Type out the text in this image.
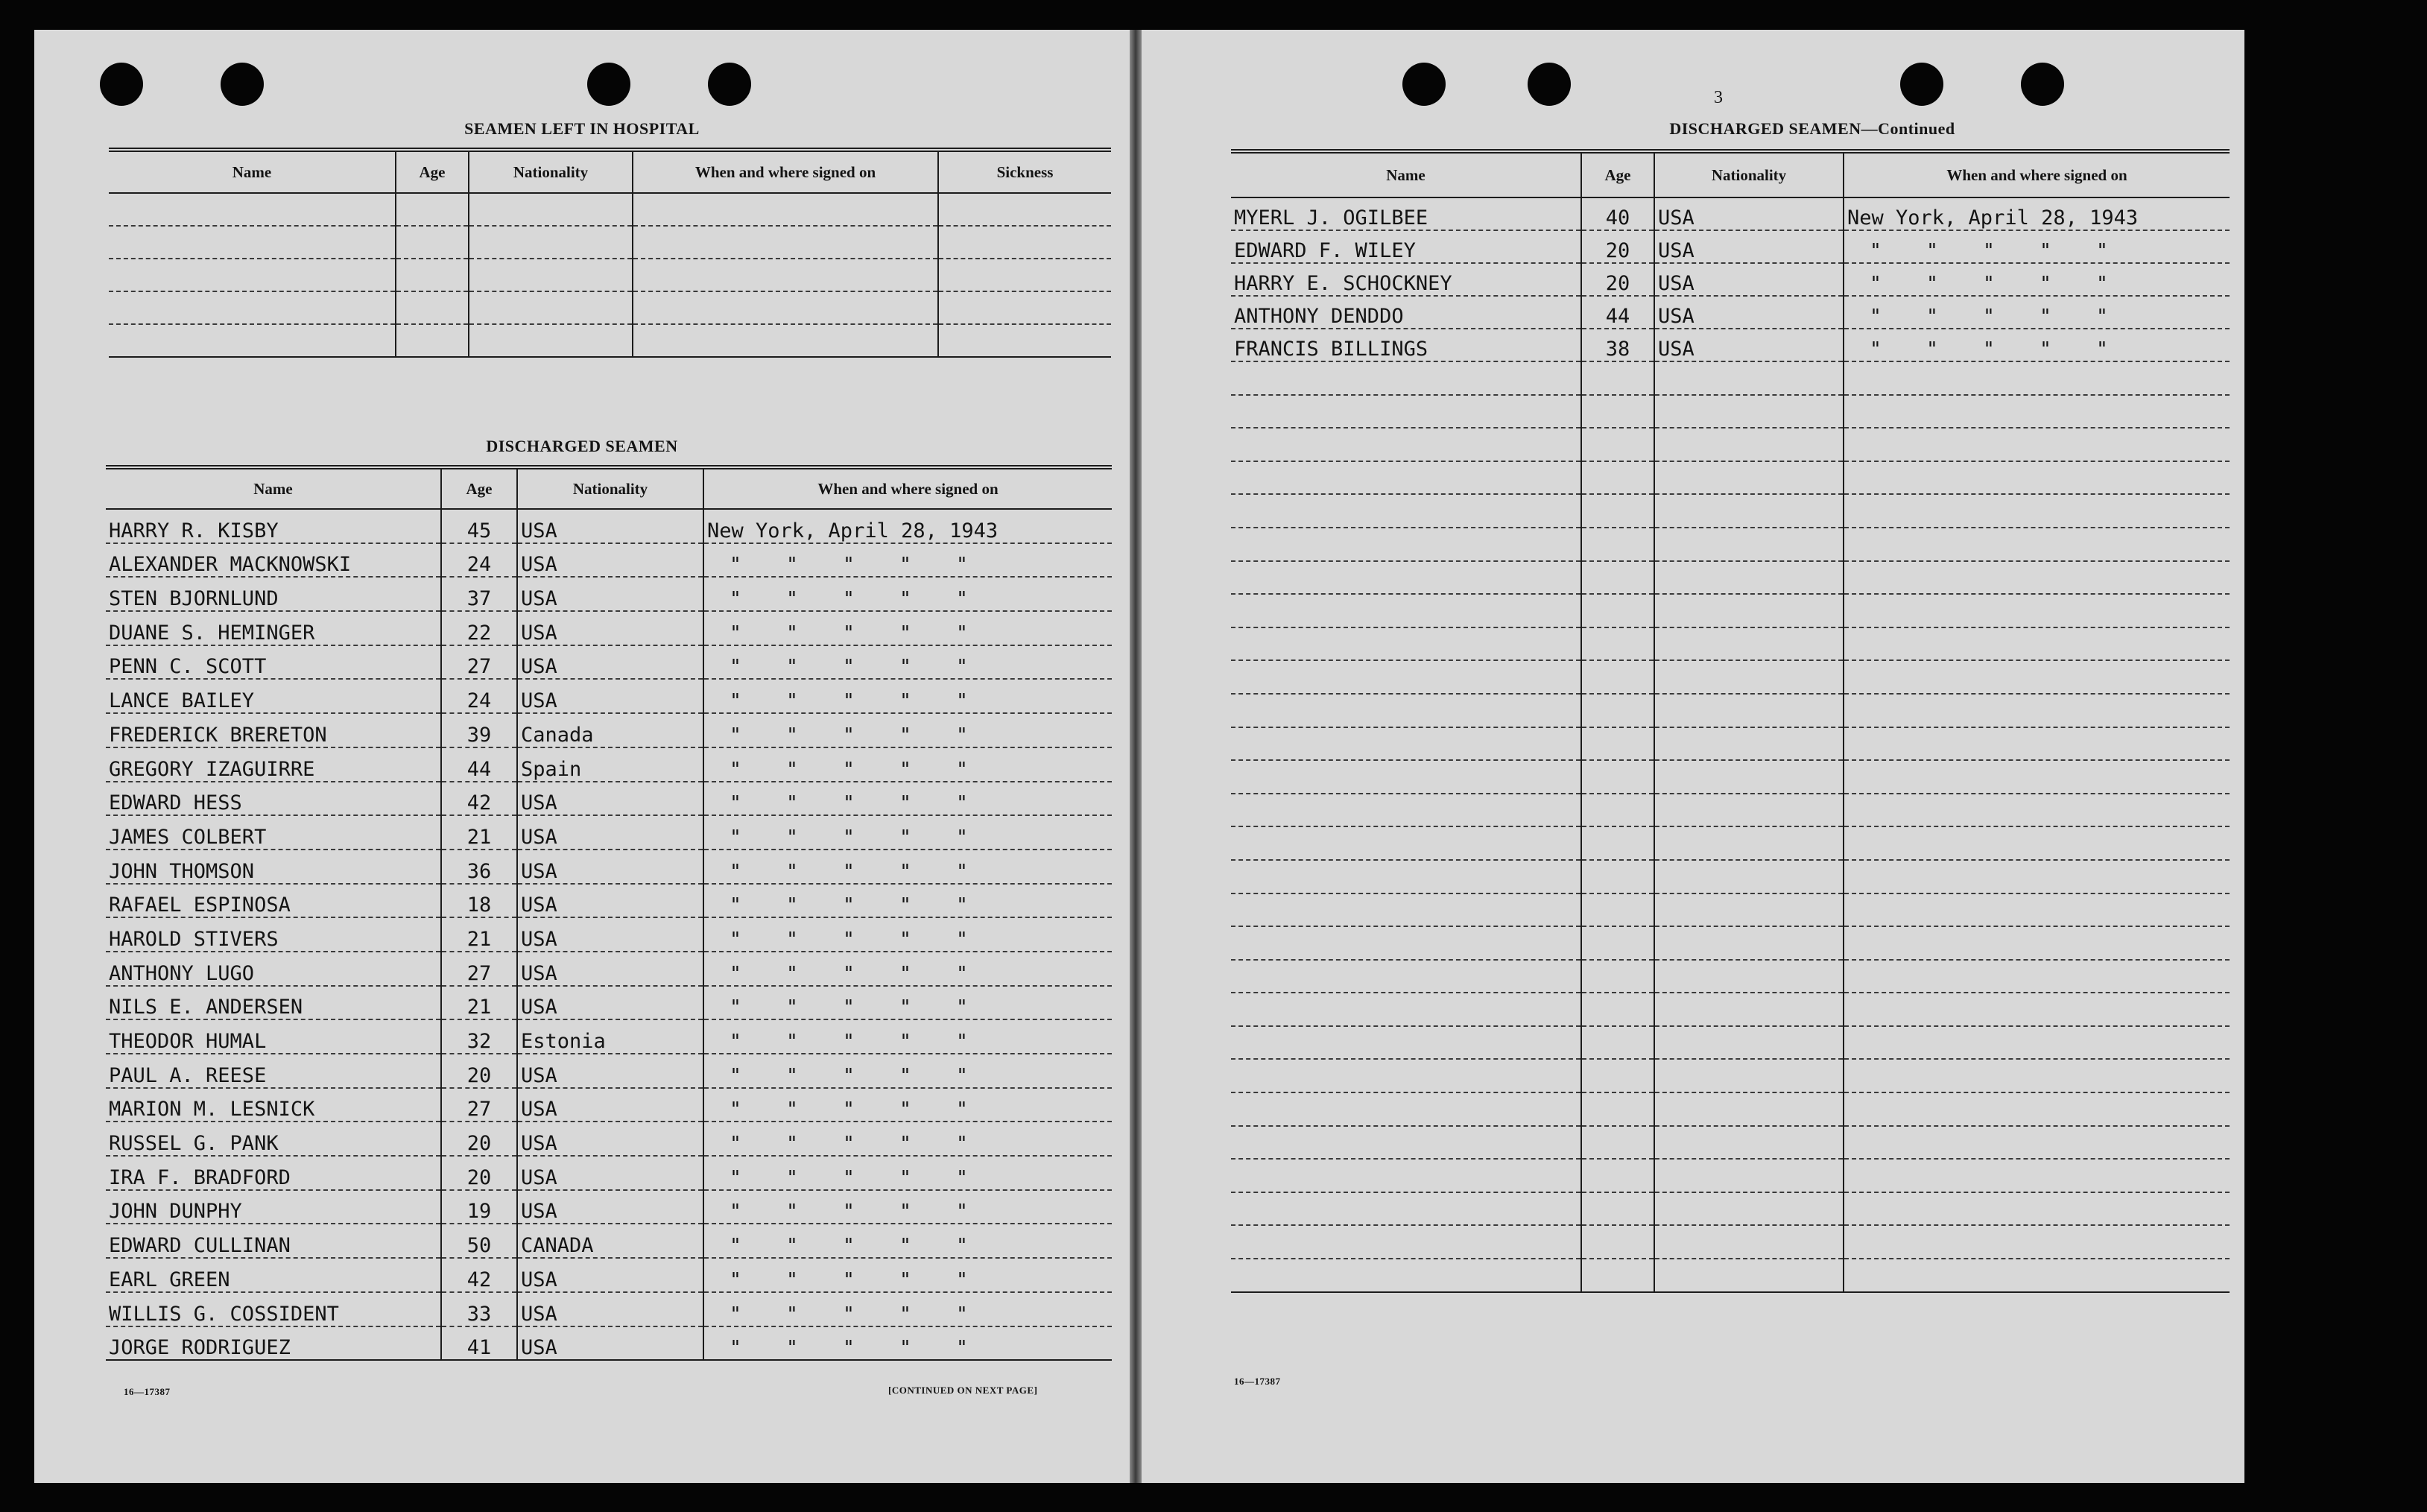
SEAMEN LEFT IN HOSPITAL
Name	Age	Nationality	When and where signed on	Sickness

DISCHARGED SEAMEN
Name	Age	Nationality	When and where signed on
HARRY R. KISBY	45	USA	New York, April 28, 1943
ALEXANDER MACKNOWSKI	24	USA	" " " " "
STEN BJORNLUND	37	USA	" " " " "
DUANE S. HEMINGER	22	USA	" " " " "
PENN C. SCOTT	27	USA	" " " " "
LANCE BAILEY	24	USA	" " " " "
FREDERICK BRERETON	39	Canada	" " " " "
GREGORY IZAGUIRRE	44	Spain	" " " " "
EDWARD HESS	42	USA	" " " " "
JAMES COLBERT	21	USA	" " " " "
JOHN THOMSON	36	USA	" " " " "
RAFAEL ESPINOSA	18	USA	" " " " "
HAROLD STIVERS	21	USA	" " " " "
ANTHONY LUGO	27	USA	" " " " "
NILS E. ANDERSEN	21	USA	" " " " "
THEODOR HUMAL	32	Estonia	" " " " "
PAUL A. REESE	20	USA	" " " " "
MARION M. LESNICK	27	USA	" " " " "
RUSSEL G. PANK	20	USA	" " " " "
IRA F. BRADFORD	20	USA	" " " " "
JOHN DUNPHY	19	USA	" " " " "
EDWARD CULLINAN	50	CANADA	" " " " "
EARL GREEN	42	USA	" " " " "
WILLIS G. COSSIDENT	33	USA	" " " " "
JORGE RODRIGUEZ	41	USA	" " " " "
16—17387	[CONTINUED ON NEXT PAGE]
3
DISCHARGED SEAMEN—Continued
Name	Age	Nationality	When and where signed on
MYERL J. OGILBEE	40	USA	New York, April 28, 1943
EDWARD F. WILEY	20	USA	" " " " "
HARRY E. SCHOCKNEY	20	USA	" " " " "
ANTHONY DENDDO	44	USA	" " " " "
FRANCIS BILLINGS	38	USA	" " " " "

16—17387
